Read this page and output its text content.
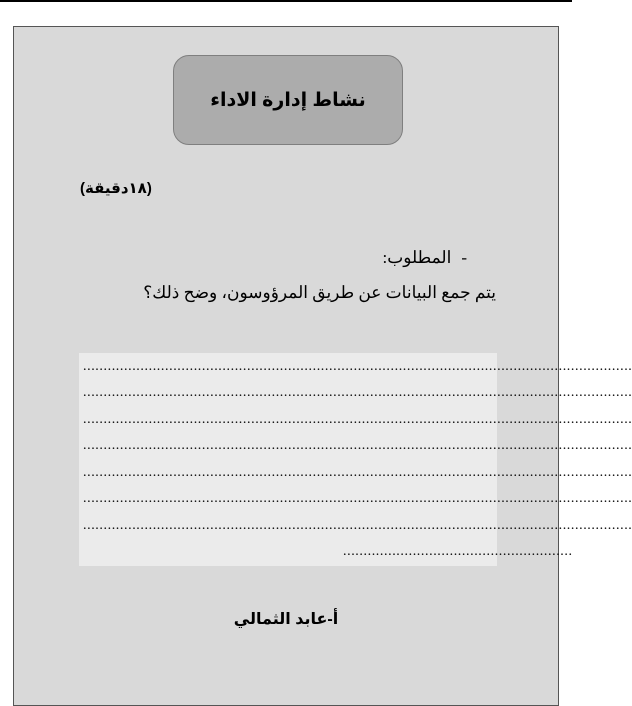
نشاط إدارة الاداء
(١٨دقيقة)
-المطلوب:
يتم جمع البيانات عن طريق المرؤوسون، وضح ذلك؟
......................................................................................................................................
......................................................................................................................................
......................................................................................................................................
......................................................................................................................................
......................................................................................................................................
......................................................................................................................................
......................................................................................................................................
........................................................
أ-عابد الثمالي
